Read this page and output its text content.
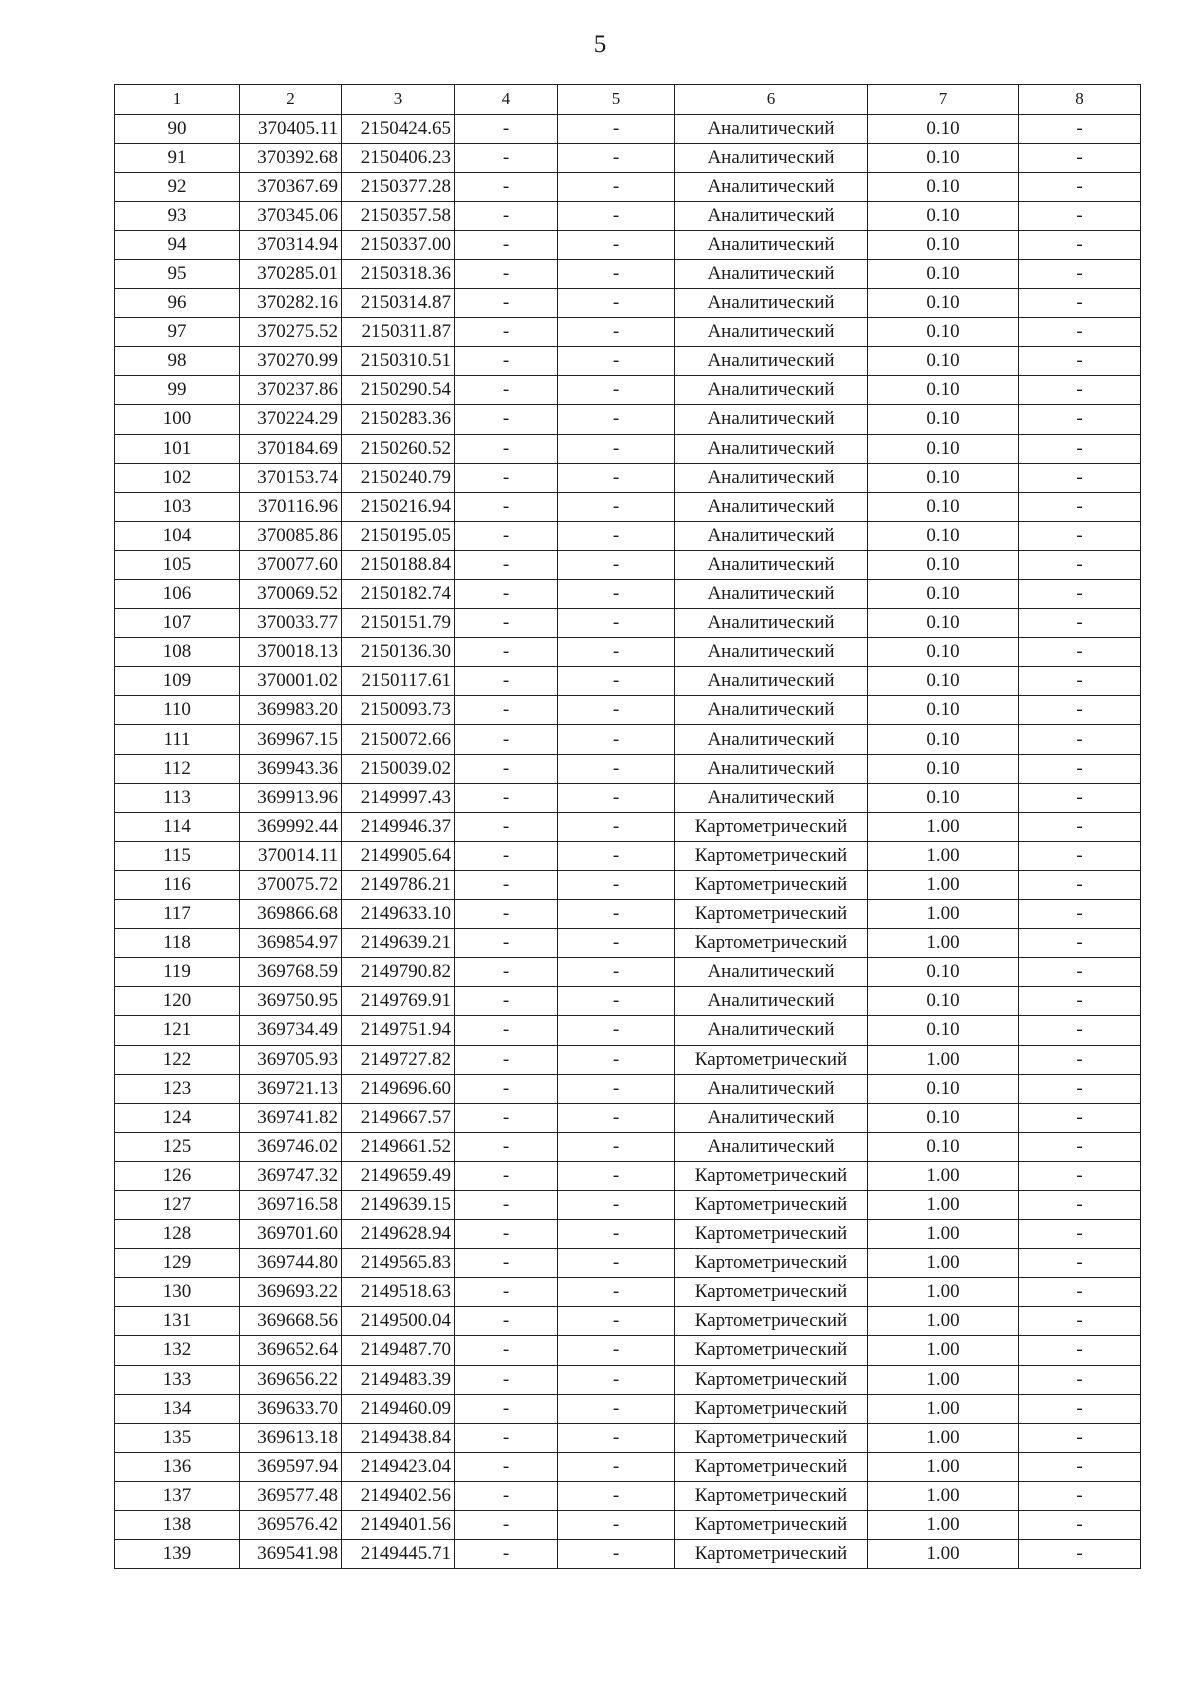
5
1	2	3	4	5	6	7	8
90	370405.11	2150424.65	-	-	Аналитический	0.10	-
91	370392.68	2150406.23	-	-	Аналитический	0.10	-
92	370367.69	2150377.28	-	-	Аналитический	0.10	-
93	370345.06	2150357.58	-	-	Аналитический	0.10	-
94	370314.94	2150337.00	-	-	Аналитический	0.10	-
95	370285.01	2150318.36	-	-	Аналитический	0.10	-
96	370282.16	2150314.87	-	-	Аналитический	0.10	-
97	370275.52	2150311.87	-	-	Аналитический	0.10	-
98	370270.99	2150310.51	-	-	Аналитический	0.10	-
99	370237.86	2150290.54	-	-	Аналитический	0.10	-
100	370224.29	2150283.36	-	-	Аналитический	0.10	-
101	370184.69	2150260.52	-	-	Аналитический	0.10	-
102	370153.74	2150240.79	-	-	Аналитический	0.10	-
103	370116.96	2150216.94	-	-	Аналитический	0.10	-
104	370085.86	2150195.05	-	-	Аналитический	0.10	-
105	370077.60	2150188.84	-	-	Аналитический	0.10	-
106	370069.52	2150182.74	-	-	Аналитический	0.10	-
107	370033.77	2150151.79	-	-	Аналитический	0.10	-
108	370018.13	2150136.30	-	-	Аналитический	0.10	-
109	370001.02	2150117.61	-	-	Аналитический	0.10	-
110	369983.20	2150093.73	-	-	Аналитический	0.10	-
111	369967.15	2150072.66	-	-	Аналитический	0.10	-
112	369943.36	2150039.02	-	-	Аналитический	0.10	-
113	369913.96	2149997.43	-	-	Аналитический	0.10	-
114	369992.44	2149946.37	-	-	Картометрический	1.00	-
115	370014.11	2149905.64	-	-	Картометрический	1.00	-
116	370075.72	2149786.21	-	-	Картометрический	1.00	-
117	369866.68	2149633.10	-	-	Картометрический	1.00	-
118	369854.97	2149639.21	-	-	Картометрический	1.00	-
119	369768.59	2149790.82	-	-	Аналитический	0.10	-
120	369750.95	2149769.91	-	-	Аналитический	0.10	-
121	369734.49	2149751.94	-	-	Аналитический	0.10	-
122	369705.93	2149727.82	-	-	Картометрический	1.00	-
123	369721.13	2149696.60	-	-	Аналитический	0.10	-
124	369741.82	2149667.57	-	-	Аналитический	0.10	-
125	369746.02	2149661.52	-	-	Аналитический	0.10	-
126	369747.32	2149659.49	-	-	Картометрический	1.00	-
127	369716.58	2149639.15	-	-	Картометрический	1.00	-
128	369701.60	2149628.94	-	-	Картометрический	1.00	-
129	369744.80	2149565.83	-	-	Картометрический	1.00	-
130	369693.22	2149518.63	-	-	Картометрический	1.00	-
131	369668.56	2149500.04	-	-	Картометрический	1.00	-
132	369652.64	2149487.70	-	-	Картометрический	1.00	-
133	369656.22	2149483.39	-	-	Картометрический	1.00	-
134	369633.70	2149460.09	-	-	Картометрический	1.00	-
135	369613.18	2149438.84	-	-	Картометрический	1.00	-
136	369597.94	2149423.04	-	-	Картометрический	1.00	-
137	369577.48	2149402.56	-	-	Картометрический	1.00	-
138	369576.42	2149401.56	-	-	Картометрический	1.00	-
139	369541.98	2149445.71	-	-	Картометрический	1.00	-
